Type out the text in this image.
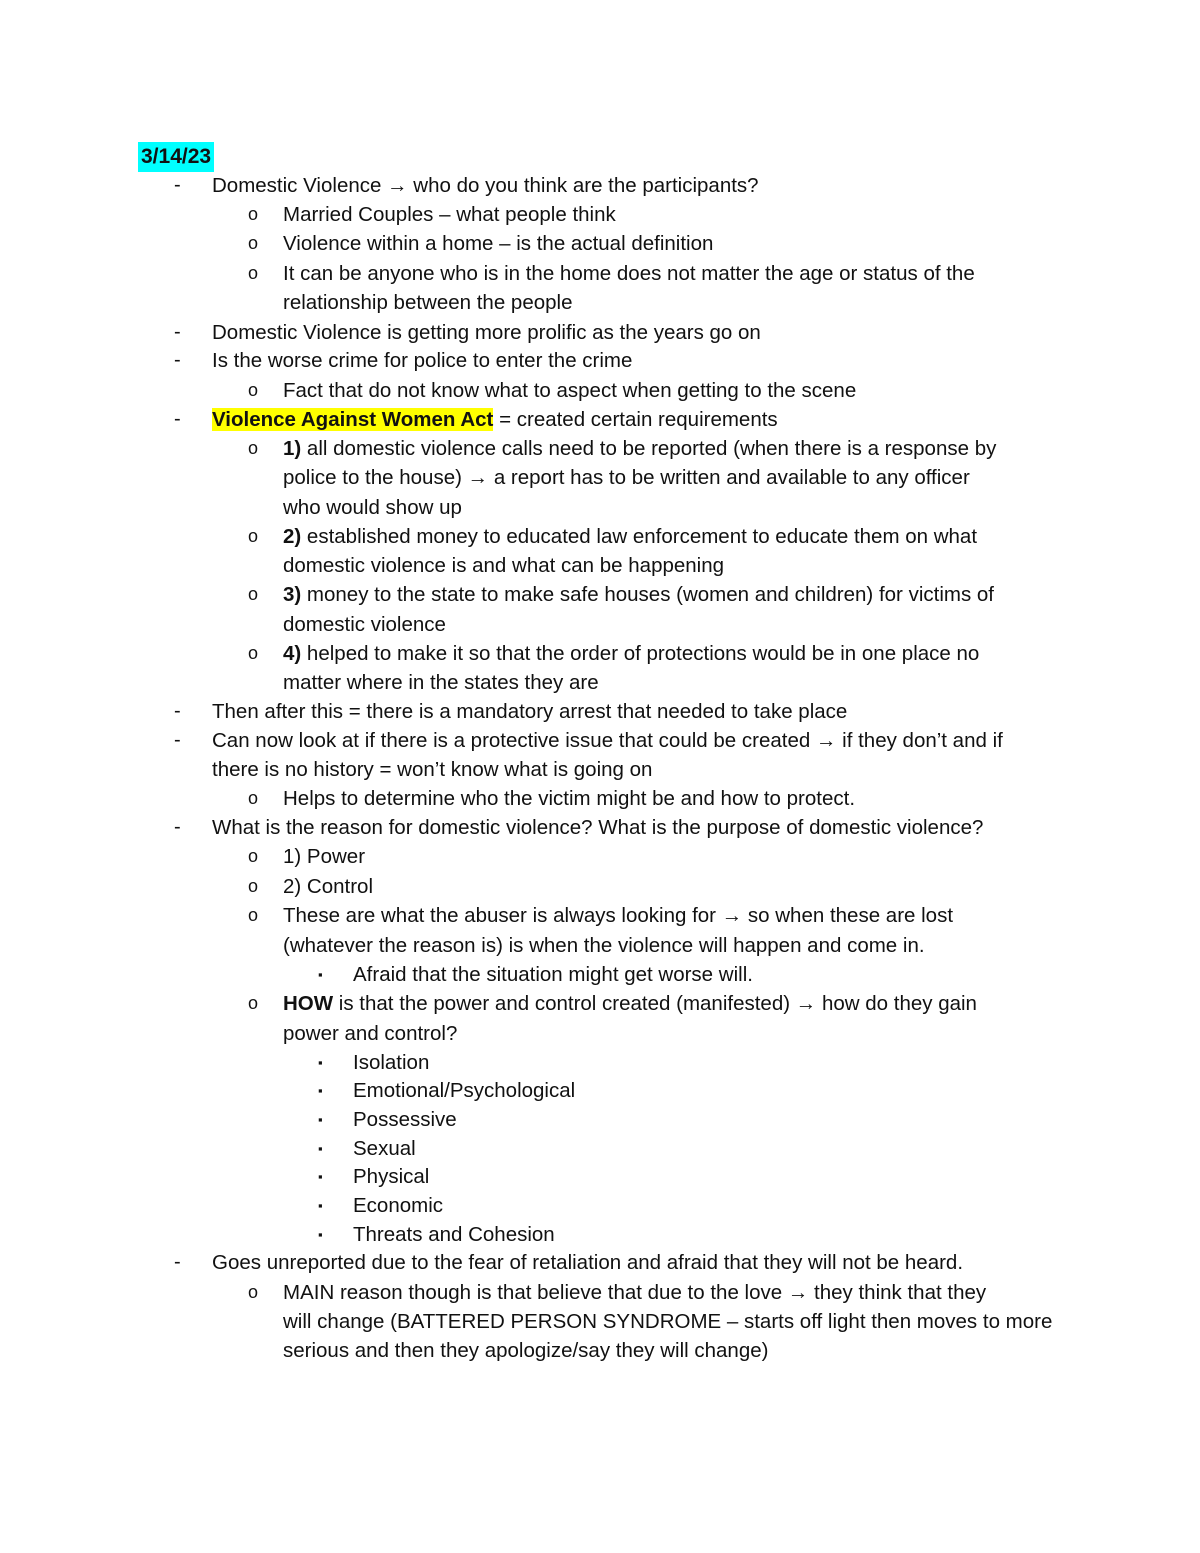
3/14/23
- Domestic Violence → who do you think are the participants?
o Married Couples – what people think
o Violence within a home – is the actual definition
o It can be anyone who is in the home does not matter the age or status of the
relationship between the people
- Domestic Violence is getting more prolific as the years go on
- Is the worse crime for police to enter the crime
o Fact that do not know what to aspect when getting to the scene
- Violence Against Women Act = created certain requirements
o 1) all domestic violence calls need to be reported (when there is a response by
police to the house) → a report has to be written and available to any officer
who would show up
o 2) established money to educated law enforcement to educate them on what
domestic violence is and what can be happening
o 3) money to the state to make safe houses (women and children) for victims of
domestic violence
o 4) helped to make it so that the order of protections would be in one place no
matter where in the states they are
- Then after this = there is a mandatory arrest that needed to take place
- Can now look at if there is a protective issue that could be created → if they don’t and if
there is no history = won’t know what is going on
o Helps to determine who the victim might be and how to protect.
- What is the reason for domestic violence? What is the purpose of domestic violence?
o 1) Power
o 2) Control
o These are what the abuser is always looking for → so when these are lost
(whatever the reason is) is when the violence will happen and come in.
▪ Afraid that the situation might get worse will.
o HOW is that the power and control created (manifested) → how do they gain
power and control?
▪ Isolation
▪ Emotional/Psychological
▪ Possessive
▪ Sexual
▪ Physical
▪ Economic
▪ Threats and Cohesion
- Goes unreported due to the fear of retaliation and afraid that they will not be heard.
o MAIN reason though is that believe that due to the love → they think that they
will change (BATTERED PERSON SYNDROME – starts off light then moves to more
serious and then they apologize/say they will change)
